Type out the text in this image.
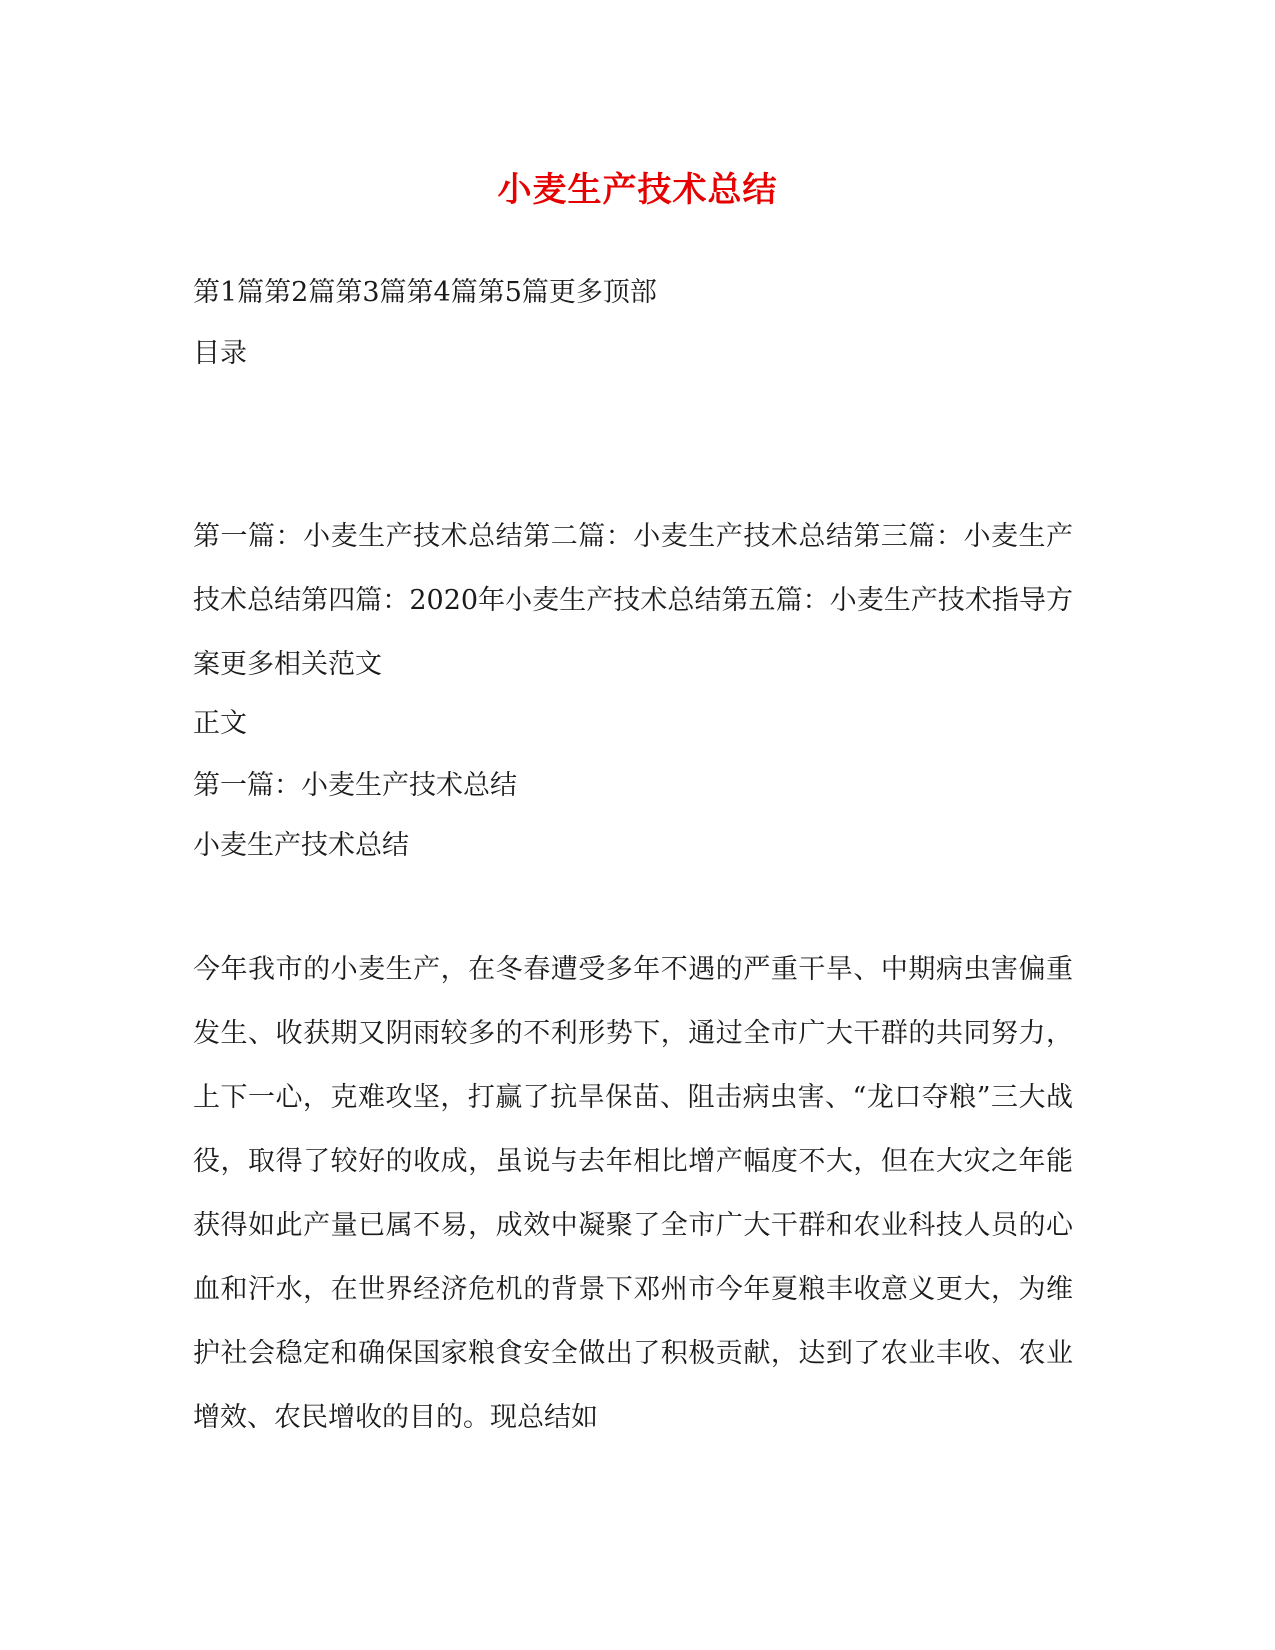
小麦生产技术总结
第1篇第2篇第3篇第4篇第5篇更多顶部
目录
第一篇：小麦生产技术总结第二篇：小麦生产技术总结第三篇：小麦生产技术总结第四篇：2020年小麦生产技术总结第五篇：小麦生产技术指导方案更多相关范文
正文
第一篇：小麦生产技术总结
小麦生产技术总结
今年我市的小麦生产，在冬春遭受多年不遇的严重干旱、中期病虫害偏重发生、收获期又阴雨较多的不利形势下，通过全市广大干群的共同努力，上下一心，克难攻坚，打赢了抗旱保苗、阻击病虫害、“龙口夺粮”三大战役，取得了较好的收成，虽说与去年相比增产幅度不大，但在大灾之年能获得如此产量已属不易，成效中凝聚了全市广大干群和农业科技人员的心血和汗水，在世界经济危机的背景下邓州市今年夏粮丰收意义更大，为维护社会稳定和确保国家粮食安全做出了积极贡献，达到了农业丰收、农业增效、农民增收的目的。现总结如
